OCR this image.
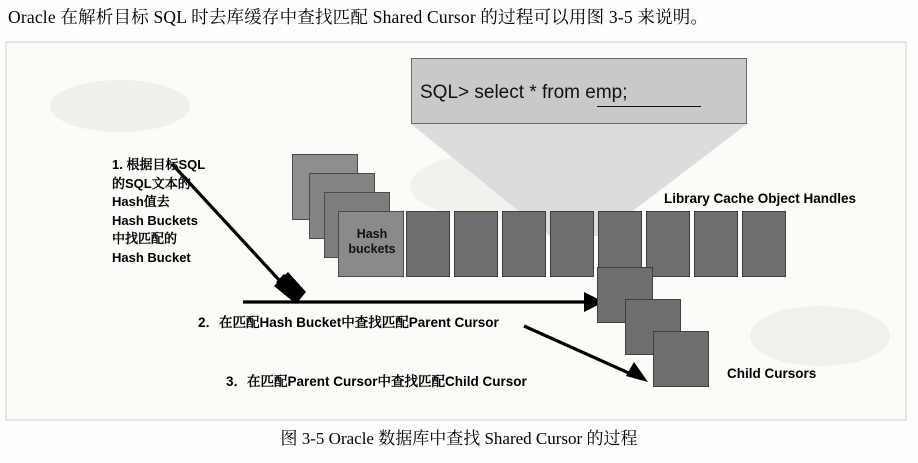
Oracle 在解析目标 SQL 时去库缓存中查找匹配 Shared Cursor 的过程可以用图 3-5 来说明。
SQL> select * from emp;
Hash
buckets
Library Cache Object Handles
Child Cursors
1. 根据目标SQL
的SQL文本的
Hash值去
Hash Buckets
中找匹配的
Hash Bucket
2．在匹配Hash Bucket中查找匹配Parent Cursor
3．在匹配Parent Cursor中查找匹配Child Cursor
图 3-5 Oracle 数据库中查找 Shared Cursor 的过程
